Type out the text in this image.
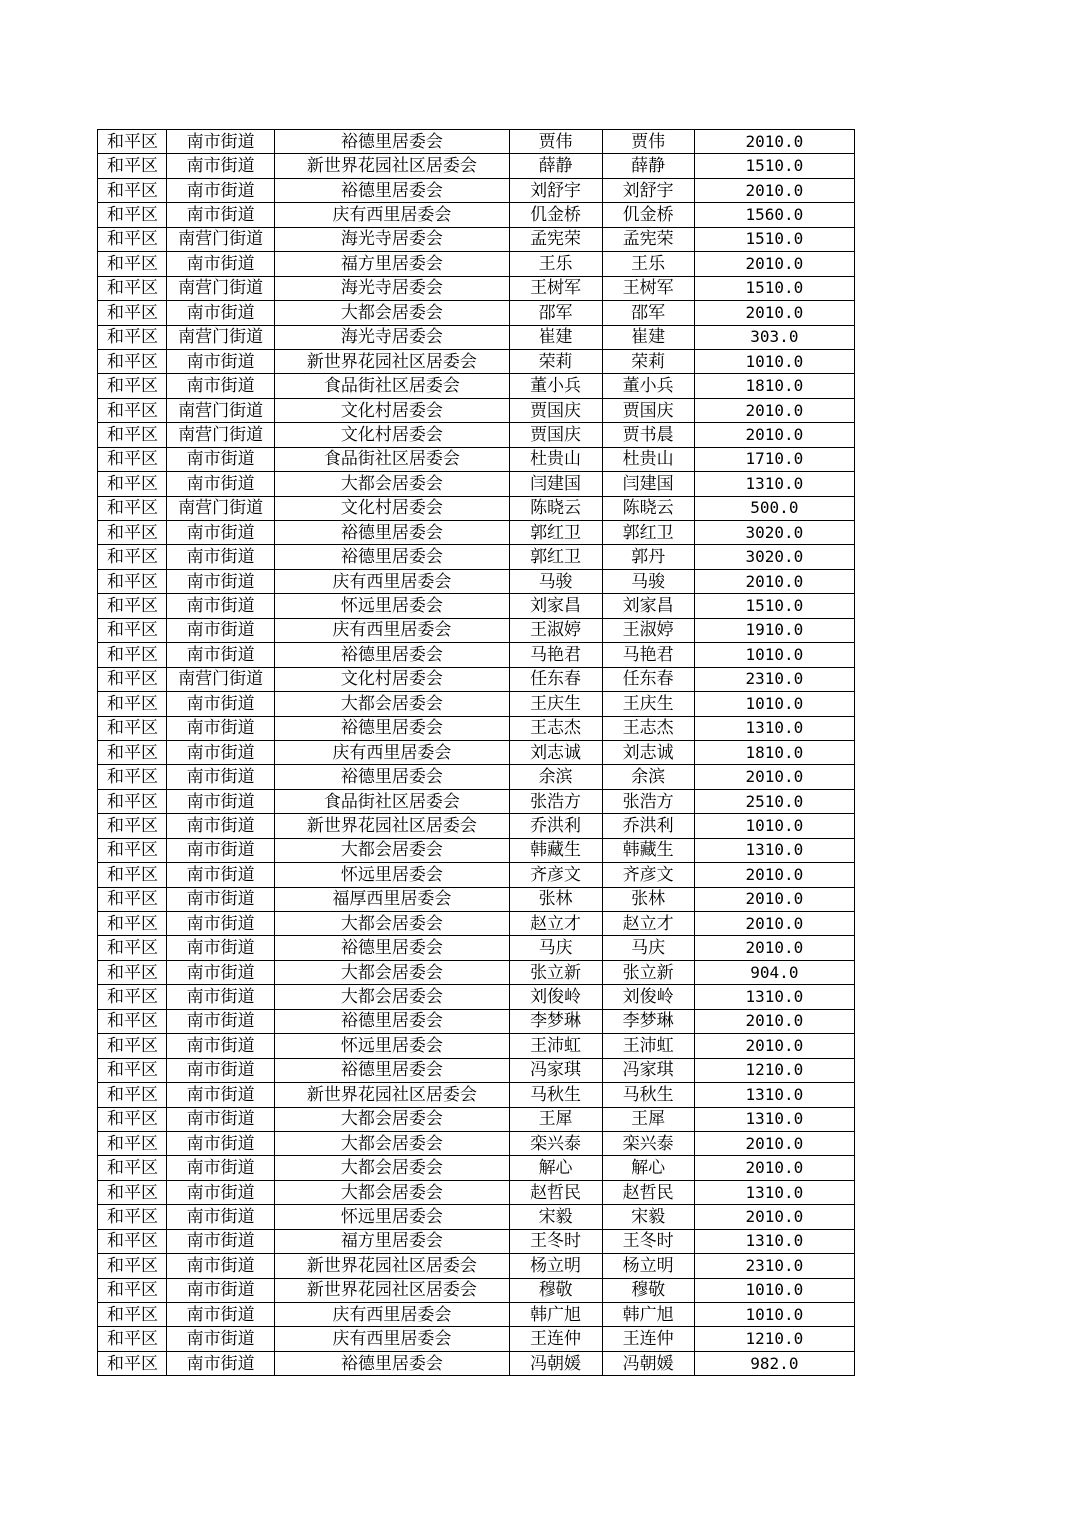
和平区	南市街道	裕德里居委会	贾伟	贾伟	2010.0
和平区	南市街道	新世界花园社区居委会	薛静	薛静	1510.0
和平区	南市街道	裕德里居委会	刘舒宇	刘舒宇	2010.0
和平区	南市街道	庆有西里居委会	仉金桥	仉金桥	1560.0
和平区	南营门街道	海光寺居委会	孟宪荣	孟宪荣	1510.0
和平区	南市街道	福方里居委会	王乐	王乐	2010.0
和平区	南营门街道	海光寺居委会	王树军	王树军	1510.0
和平区	南市街道	大都会居委会	邵军	邵军	2010.0
和平区	南营门街道	海光寺居委会	崔建	崔建	303.0
和平区	南市街道	新世界花园社区居委会	荣莉	荣莉	1010.0
和平区	南市街道	食品街社区居委会	董小兵	董小兵	1810.0
和平区	南营门街道	文化村居委会	贾国庆	贾国庆	2010.0
和平区	南营门街道	文化村居委会	贾国庆	贾书晨	2010.0
和平区	南市街道	食品街社区居委会	杜贵山	杜贵山	1710.0
和平区	南市街道	大都会居委会	闫建国	闫建国	1310.0
和平区	南营门街道	文化村居委会	陈晓云	陈晓云	500.0
和平区	南市街道	裕德里居委会	郭红卫	郭红卫	3020.0
和平区	南市街道	裕德里居委会	郭红卫	郭丹	3020.0
和平区	南市街道	庆有西里居委会	马骏	马骏	2010.0
和平区	南市街道	怀远里居委会	刘家昌	刘家昌	1510.0
和平区	南市街道	庆有西里居委会	王淑婷	王淑婷	1910.0
和平区	南市街道	裕德里居委会	马艳君	马艳君	1010.0
和平区	南营门街道	文化村居委会	任东春	任东春	2310.0
和平区	南市街道	大都会居委会	王庆生	王庆生	1010.0
和平区	南市街道	裕德里居委会	王志杰	王志杰	1310.0
和平区	南市街道	庆有西里居委会	刘志诚	刘志诚	1810.0
和平区	南市街道	裕德里居委会	余滨	余滨	2010.0
和平区	南市街道	食品街社区居委会	张浩方	张浩方	2510.0
和平区	南市街道	新世界花园社区居委会	乔洪利	乔洪利	1010.0
和平区	南市街道	大都会居委会	韩藏生	韩藏生	1310.0
和平区	南市街道	怀远里居委会	齐彦文	齐彦文	2010.0
和平区	南市街道	福厚西里居委会	张林	张林	2010.0
和平区	南市街道	大都会居委会	赵立才	赵立才	2010.0
和平区	南市街道	裕德里居委会	马庆	马庆	2010.0
和平区	南市街道	大都会居委会	张立新	张立新	904.0
和平区	南市街道	大都会居委会	刘俊岭	刘俊岭	1310.0
和平区	南市街道	裕德里居委会	李梦琳	李梦琳	2010.0
和平区	南市街道	怀远里居委会	王沛虹	王沛虹	2010.0
和平区	南市街道	裕德里居委会	冯家琪	冯家琪	1210.0
和平区	南市街道	新世界花园社区居委会	马秋生	马秋生	1310.0
和平区	南市街道	大都会居委会	王犀	王犀	1310.0
和平区	南市街道	大都会居委会	栾兴泰	栾兴泰	2010.0
和平区	南市街道	大都会居委会	解心	解心	2010.0
和平区	南市街道	大都会居委会	赵哲民	赵哲民	1310.0
和平区	南市街道	怀远里居委会	宋毅	宋毅	2010.0
和平区	南市街道	福方里居委会	王冬时	王冬时	1310.0
和平区	南市街道	新世界花园社区居委会	杨立明	杨立明	2310.0
和平区	南市街道	新世界花园社区居委会	穆敬	穆敬	1010.0
和平区	南市街道	庆有西里居委会	韩广旭	韩广旭	1010.0
和平区	南市街道	庆有西里居委会	王连仲	王连仲	1210.0
和平区	南市街道	裕德里居委会	冯朝媛	冯朝媛	982.0
